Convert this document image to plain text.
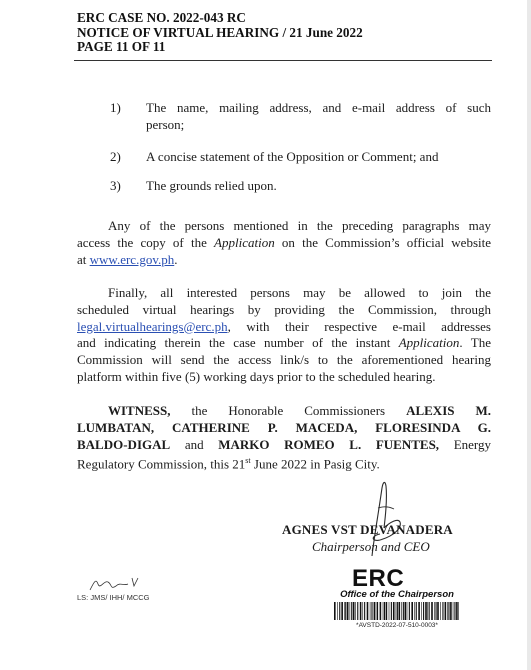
ERC CASE NO. 2022-043 RC
NOTICE OF VIRTUAL HEARING / 21 June 2022
PAGE 11 OF 11
1) The name, mailing address, and e-mail address of such
person;
2) A concise statement of the Opposition or Comment; and
3) The grounds relied upon.
Any of the persons mentioned in the preceding paragraphs may
access the copy of the Application on the Commission’s official website
at www.erc.gov.ph.
Finally, all interested persons may be allowed to join the
scheduled virtual hearings by providing the Commission, through
legal.virtualhearings@erc.ph, with their respective e-mail addresses
and indicating therein the case number of the instant Application. The
Commission will send the access link/s to the aforementioned hearing
platform within five (5) working days prior to the scheduled hearing.
WITNESS, the Honorable Commissioners ALEXIS M.
LUMBATAN, CATHERINE P. MACEDA, FLORESINDA G.
BALDO-DIGAL and MARKO ROMEO L. FUENTES, Energy
Regulatory Commission, this 21st June 2022 in Pasig City.
AGNES VST DEVANADERA
Chairperson and CEO
LS: JMS/ IHH/ MCCG
ERC
Office of the Chairperson
*AVSTD-2022-07-510-0003*
